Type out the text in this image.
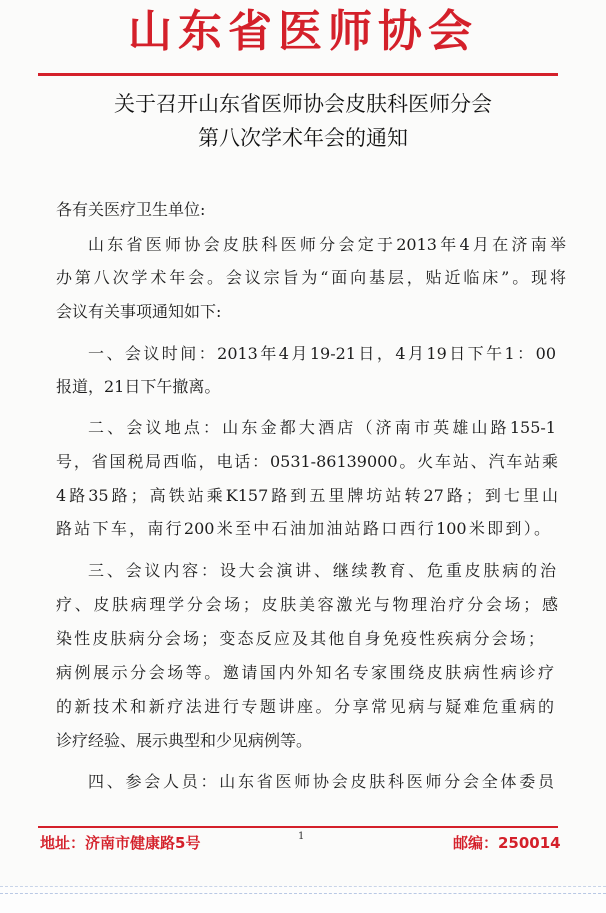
山东省医师协会
关于召开山东省医师协会皮肤科医师分会
第八次学术年会的通知
各有关医疗卫生单位:
山东省医师协会皮肤科医师分会定于2013年4月在济南举
办第八次学术年会。会议宗旨为“面向基层，贴近临床”。现将
会议有关事项通知如下:
一、会议时间：2013年4月19-21日，4月19日下午1：00
报道，21日下午撤离。
二、会议地点：山东金都大酒店（济南市英雄山路155-1
号，省国税局西临，电话：0531-86139000。火车站、汽车站乘
4路35路；高铁站乘K157路到五里牌坊站转27路；到七里山
路站下车，南行200米至中石油加油站路口西行100米即到）。
三、会议内容：设大会演讲、继续教育、危重皮肤病的治
疗、皮肤病理学分会场；皮肤美容激光与物理治疗分会场；感
染性皮肤病分会场；变态反应及其他自身免疫性疾病分会场；
病例展示分会场等。邀请国内外知名专家围绕皮肤病性病诊疗
的新技术和新疗法进行专题讲座。分享常见病与疑难危重病的
诊疗经验、展示典型和少见病例等。
四、参会人员：山东省医师协会皮肤科医师分会全体委员
地址：济南市健康路5号	1	邮编：250014
